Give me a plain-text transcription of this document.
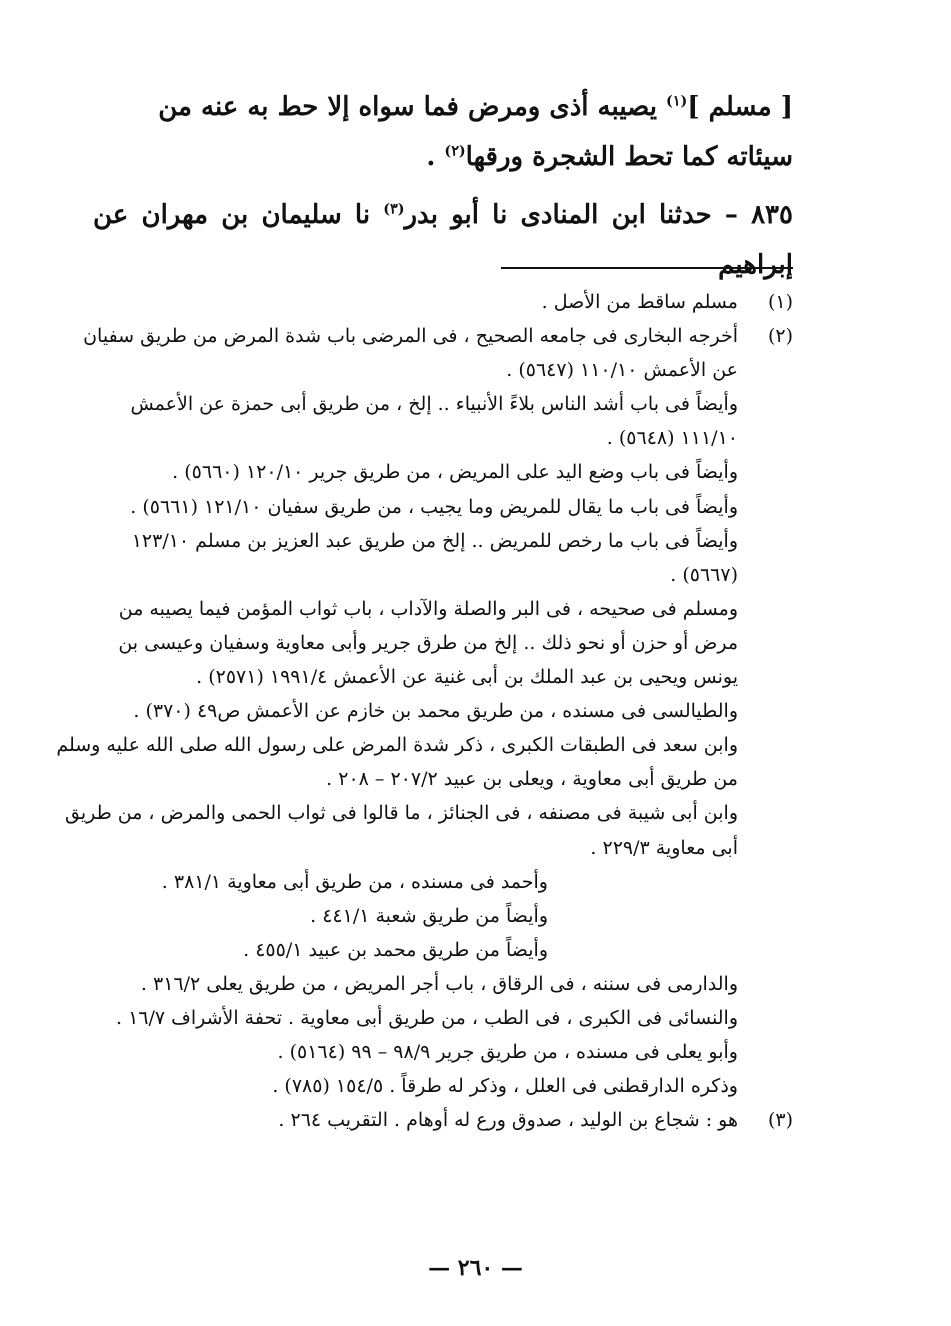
[ مسلم ]$^{(١)}$ يصيبه أذى ومرض فما سواه إلا حط به عنه من
سيئاته كما تحط الشجرة ورقها$^{(٢)}$ .
٨٣٥ – حدثنا ابن المنادى نا أبو بدر$^{(٣)}$ نا سليمان بن مهران عن إبراهيم
(١)
مسلم ساقط من الأصل .
(٢)
أخرجه البخارى فى جامعه الصحيح ، فى المرضى باب شدة المرض من طريق سفيان
عن الأعمش ١١٠/١٠ (٥٦٤٧) .
وأيضاً فى باب أشد الناس بلاءً الأنبياء .. إلخ ، من طريق أبى حمزة عن الأعمش
١١١/١٠ (٥٦٤٨) .
وأيضاً فى باب وضع اليد على المريض ، من طريق جرير ١٢٠/١٠ (٥٦٦٠) .
وأيضاً فى باب ما يقال للمريض وما يجيب ، من طريق سفيان ١٢١/١٠ (٥٦٦١) .
وأيضاً فى باب ما رخص للمريض .. إلخ من طريق عبد العزيز بن مسلم ١٢٣/١٠
(٥٦٦٧) .
ومسلم فى صحيحه ، فى البر والصلة والآداب ، باب ثواب المؤمن فيما يصيبه من
مرض أو حزن أو نحو ذلك .. إلخ من طرق جرير وأبى معاوية وسفيان وعيسى بن
يونس ويحيى بن عبد الملك بن أبى غنية عن الأعمش ١٩٩١/٤ (٢٥٧١) .
والطيالسى فى مسنده ، من طريق محمد بن خازم عن الأعمش ص٤٩ (٣٧٠) .
وابن سعد فى الطبقات الكبرى ، ذكر شدة المرض على رسول الله صلى الله عليه وسلم
من طريق أبى معاوية ، ويعلى بن عبيد ٢٠٧/٢ – ٢٠٨ .
وابن أبى شيبة فى مصنفه ، فى الجنائز ، ما قالوا فى ثواب الحمى والمرض ، من طريق
أبى معاوية ٢٢٩/٣ .
وأحمد فى مسنده ، من طريق أبى معاوية ٣٨١/١ .
وأيضاً من طريق شعبة ٤٤١/١ .
وأيضاً من طريق محمد بن عبيد ٤٥٥/١ .
والدارمى فى سننه ، فى الرقاق ، باب أجر المريض ، من طريق يعلى ٣١٦/٢ .
والنسائى فى الكبرى ، فى الطب ، من طريق أبى معاوية . تحفة الأشراف ١٦/٧ .
وأبو يعلى فى مسنده ، من طريق جرير ٩٨/٩ – ٩٩ (٥١٦٤) .
وذكره الدارقطنى فى العلل ، وذكر له طرقاً . ١٥٤/٥ (٧٨٥) .
(٣)
هو : شجاع بن الوليد ، صدوق ورع له أوهام . التقريب ٢٦٤ .
— ٢٦٠ —
